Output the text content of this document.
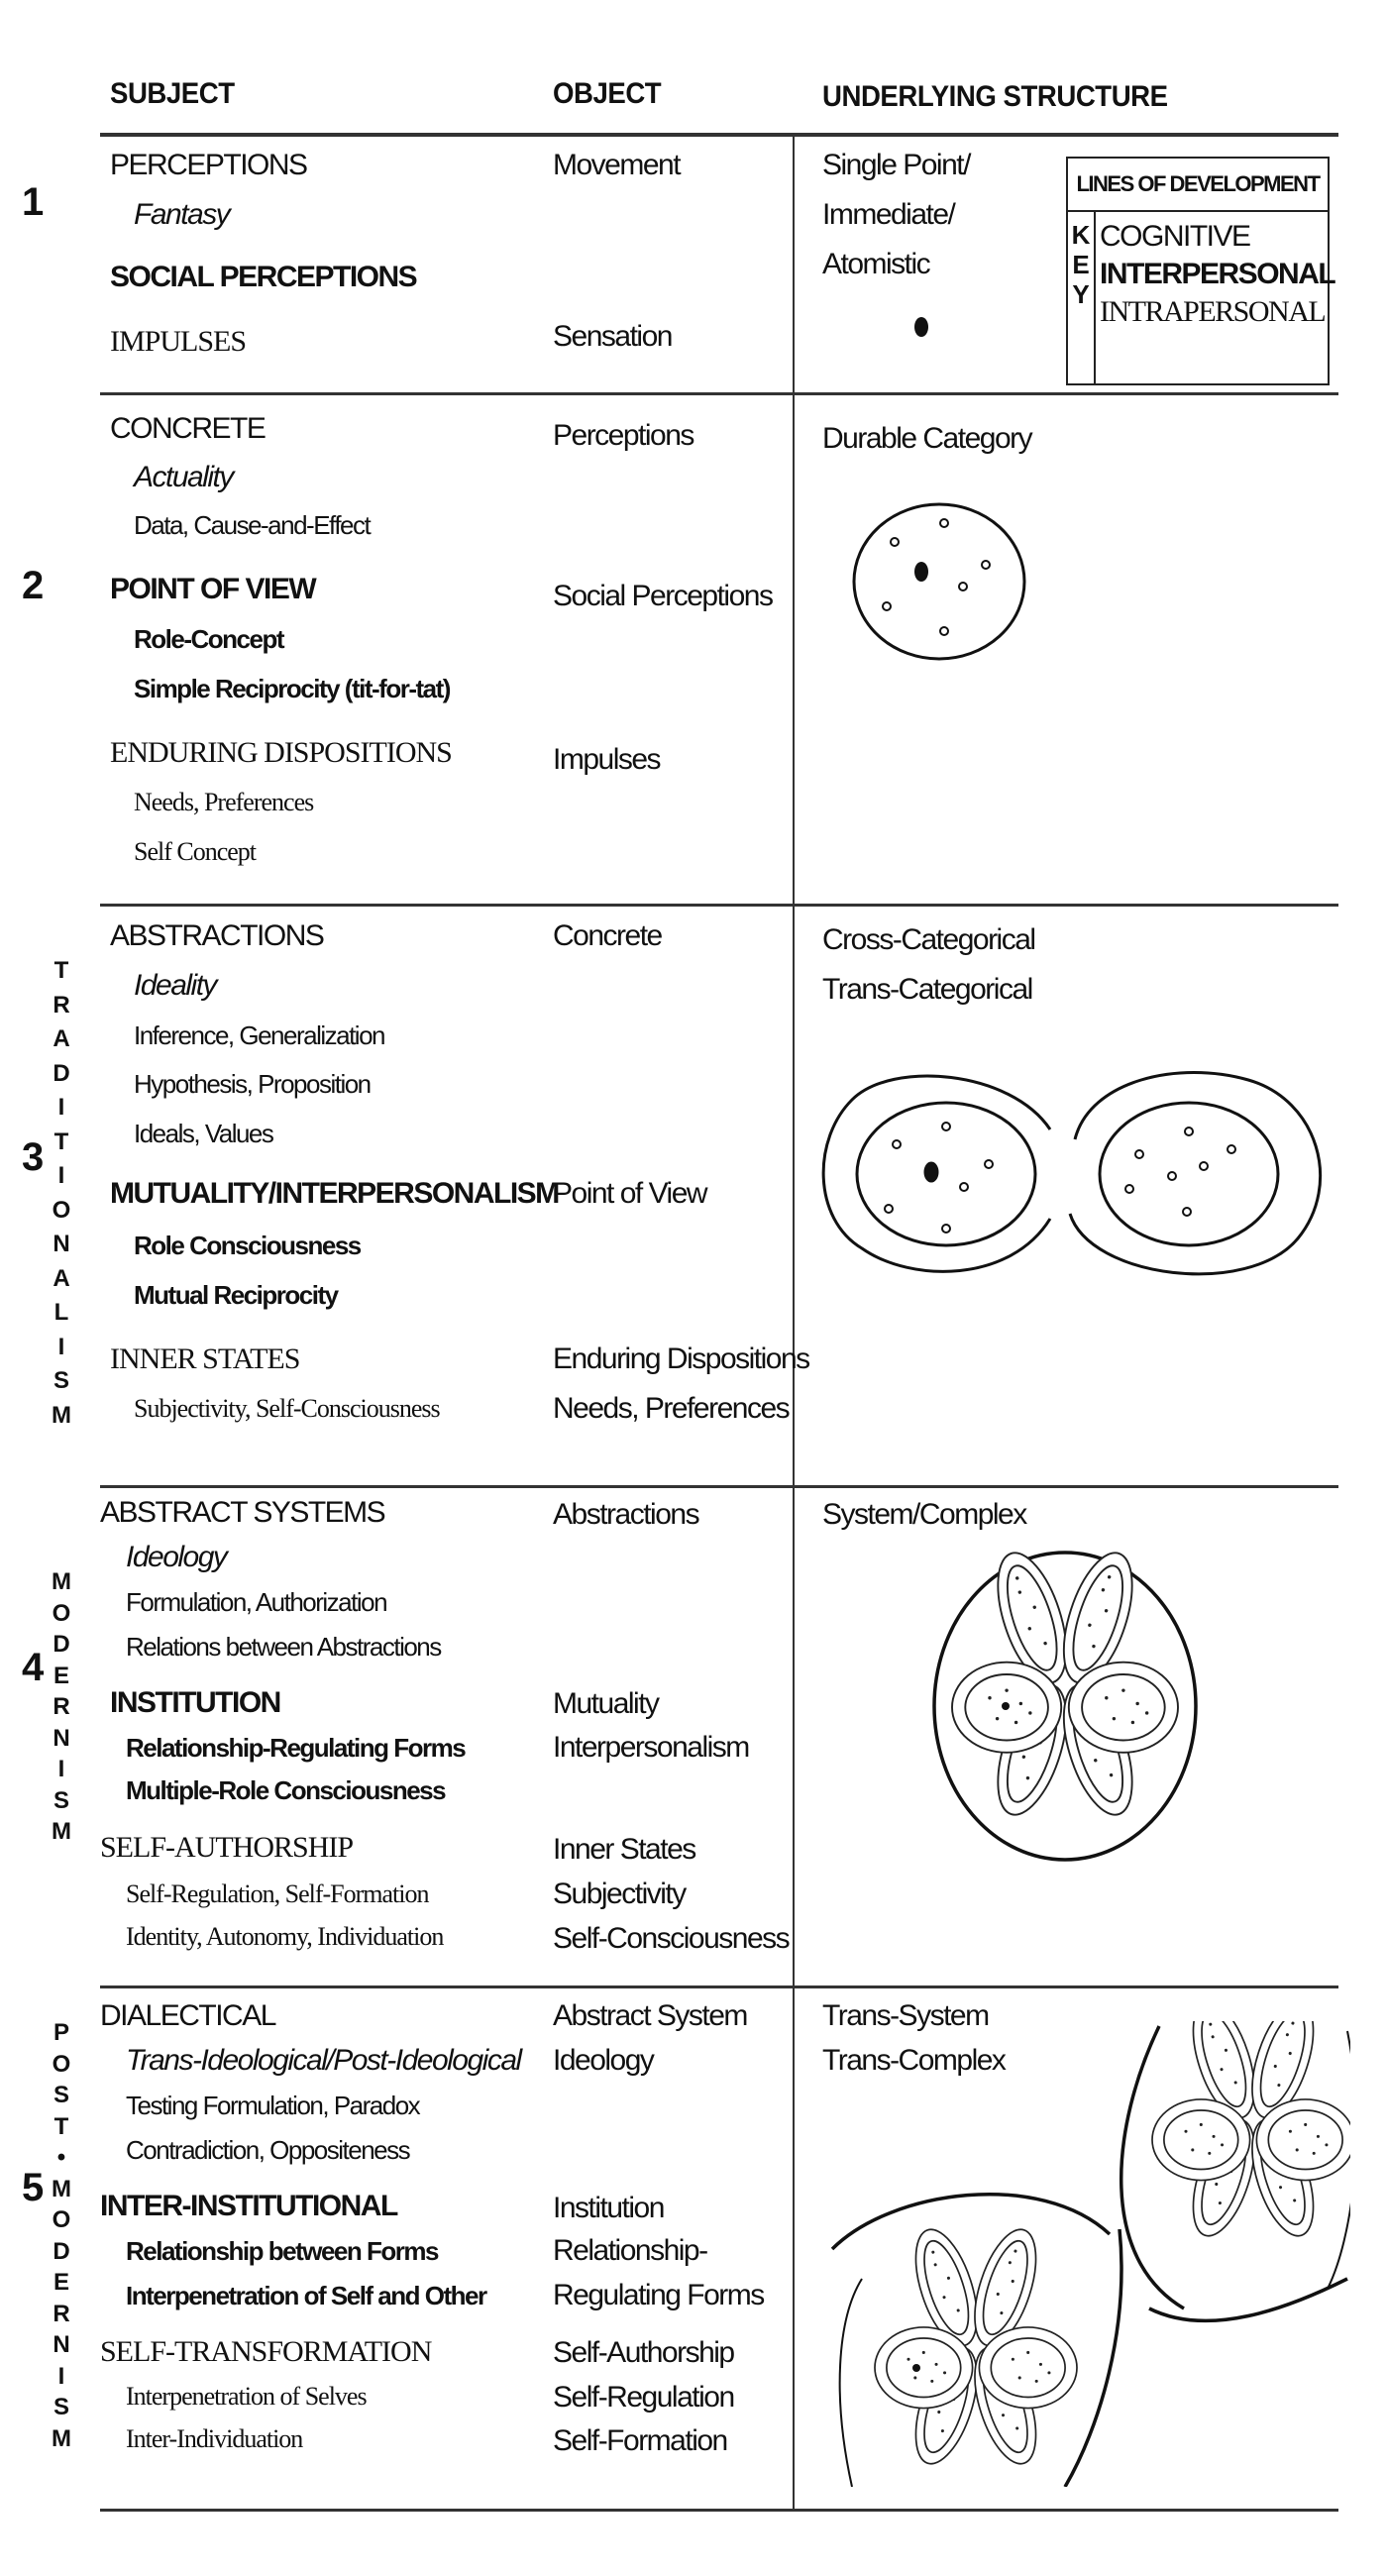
SUBJECT	OBJECT	UNDERLYING STRUCTURE
LINES OF DEVELOPMENT
K
E
Y
COGNITIVE
INTERPERSONAL
INTRAPERSONAL
1
PERCEPTIONS
Fantasy
SOCIAL PERCEPTIONS
IMPULSES
Movement
Sensation
Single Point/
Immediate/
Atomistic
2
CONCRETE
Actuality
Data, Cause-and-Effect
POINT OF VIEW
Role-Concept
Simple Reciprocity (tit-for-tat)
ENDURING DISPOSITIONS
Needs, Preferences
Self Concept
Perceptions
Social Perceptions
Impulses
Durable Category
3
ABSTRACTIONS
Ideality
Inference, Generalization
Hypothesis, Proposition
Ideals, Values
MUTUALITY/INTERPERSONALISM
Role Consciousness
Mutual Reciprocity
INNER STATES
Subjectivity, Self-Consciousness
Concrete
Point of View
Enduring Dispositions
Needs, Preferences
Cross-Categorical
Trans-Categorical
4
ABSTRACT SYSTEMS
Ideology
Formulation, Authorization
Relations between Abstractions
INSTITUTION
Relationship-Regulating Forms
Multiple-Role Consciousness
SELF-AUTHORSHIP
Self-Regulation, Self-Formation
Identity, Autonomy, Individuation
Abstractions
Mutuality
Interpersonalism
Inner States
Subjectivity
Self-Consciousness
System/Complex
5
DIALECTICAL
Trans-Ideological/Post-Ideological
Testing Formulation, Paradox
Contradiction, Oppositeness
INTER-INSTITUTIONAL
Relationship between Forms
Interpenetration of Self and Other
SELF-TRANSFORMATION
Interpenetration of Selves
Inter-Individuation
Abstract System
Ideology
Institution
Relationship-
Regulating Forms
Self-Authorship
Self-Regulation
Self-Formation
Trans-System
Trans-Complex
T
R
A
D
I
T
I
O
N
A
L
I
S
M
M
O
D
E
R
N
I
S
M
P
O
S
T
•
M
O
D
E
R
N
I
S
M
